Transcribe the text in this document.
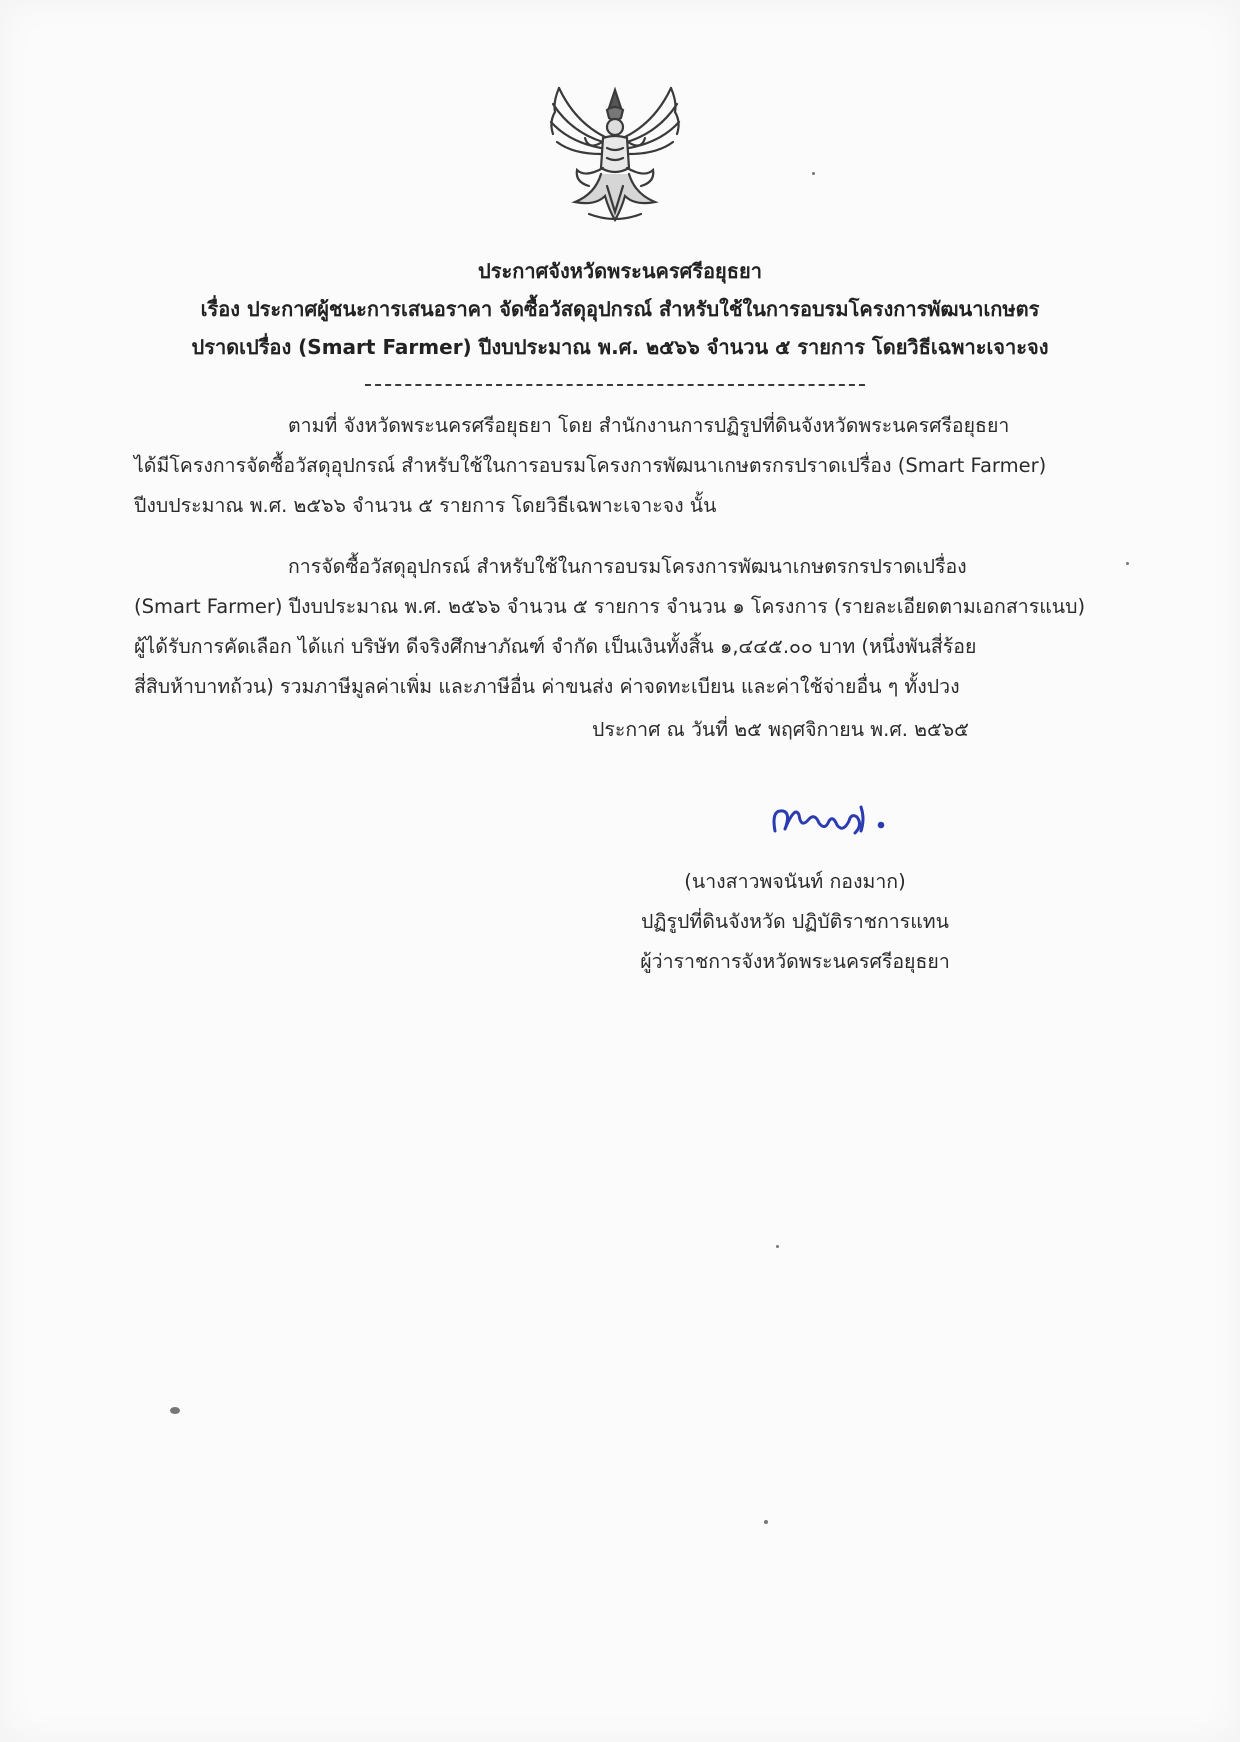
ประกาศจังหวัดพระนครศรีอยุธยา
เรื่อง ประกาศผู้ชนะการเสนอราคา จัดซื้อวัสดุอุปกรณ์ สำหรับใช้ในการอบรมโครงการพัฒนาเกษตร
ปราดเปรื่อง (Smart Farmer) ปีงบประมาณ พ.ศ. ๒๕๖๖ จำนวน ๕ รายการ โดยวิธีเฉพาะเจาะจง
ตามที่ จังหวัดพระนครศรีอยุธยา โดย สำนักงานการปฏิรูปที่ดินจังหวัดพระนครศรีอยุธยา
ได้มีโครงการจัดซื้อวัสดุอุปกรณ์ สำหรับใช้ในการอบรมโครงการพัฒนาเกษตรกรปราดเปรื่อง (Smart Farmer)
ปีงบประมาณ พ.ศ. ๒๕๖๖ จำนวน ๕ รายการ โดยวิธีเฉพาะเจาะจง นั้น
การจัดซื้อวัสดุอุปกรณ์ สำหรับใช้ในการอบรมโครงการพัฒนาเกษตรกรปราดเปรื่อง
(Smart Farmer) ปีงบประมาณ พ.ศ. ๒๕๖๖ จำนวน ๕ รายการ จำนวน ๑ โครงการ (รายละเอียดตามเอกสารแนบ)
ผู้ได้รับการคัดเลือก ได้แก่ บริษัท ดีจริงศึกษาภัณฑ์ จำกัด เป็นเงินทั้งสิ้น ๑,๔๔๕.๐๐ บาท (หนึ่งพันสี่ร้อย
สี่สิบห้าบาทถ้วน) รวมภาษีมูลค่าเพิ่ม และภาษีอื่น ค่าขนส่ง ค่าจดทะเบียน และค่าใช้จ่ายอื่น ๆ ทั้งปวง
ประกาศ ณ วันที่ ๒๕ พฤศจิกายน พ.ศ. ๒๕๖๕
(นางสาวพจนันท์ กองมาก)
ปฏิรูปที่ดินจังหวัด ปฏิบัติราชการแทน
ผู้ว่าราชการจังหวัดพระนครศรีอยุธยา
